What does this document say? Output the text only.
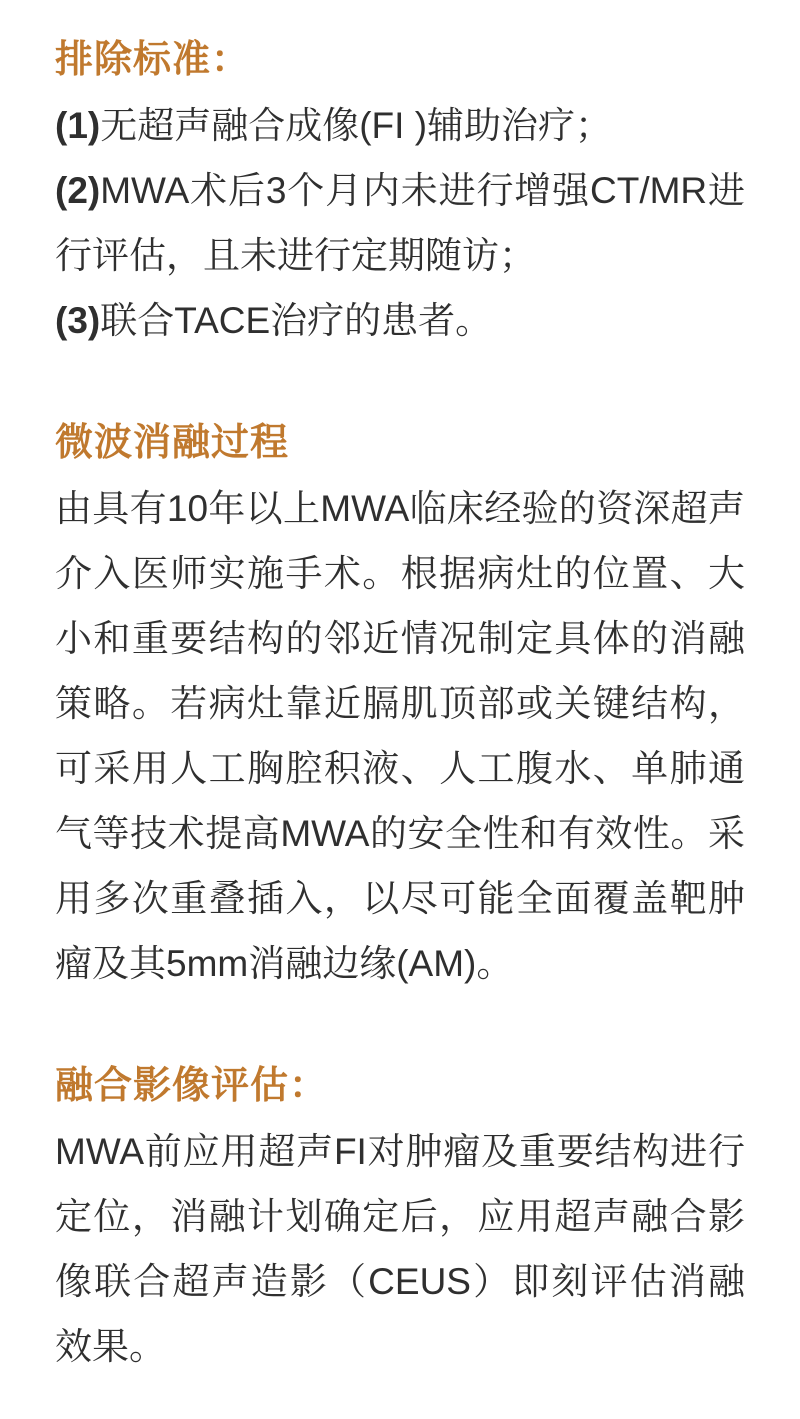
排除标准：

(1)无超声融合成像(FI )辅助治疗；

(2)MWA术后3个月内未进行增强CT/MR进行评估，且未进行定期随访；

(3)联合TACE治疗的患者。

微波消融过程

由具有10年以上MWA临床经验的资深超声介入医师实施手术。根据病灶的位置、大小和重要结构的邻近情况制定具体的消融策略。若病灶靠近膈肌顶部或关键结构，可采用人工胸腔积液、人工腹水、单肺通气等技术提高MWA的安全性和有效性。采用多次重叠插入，以尽可能全面覆盖靶肿瘤及其5mm消融边缘(AM)。

融合影像评估：

MWA前应用超声FI对肿瘤及重要结构进行定位，消融计划确定后，应用超声融合影像联合超声造影（CEUS）即刻评估消融效果。
